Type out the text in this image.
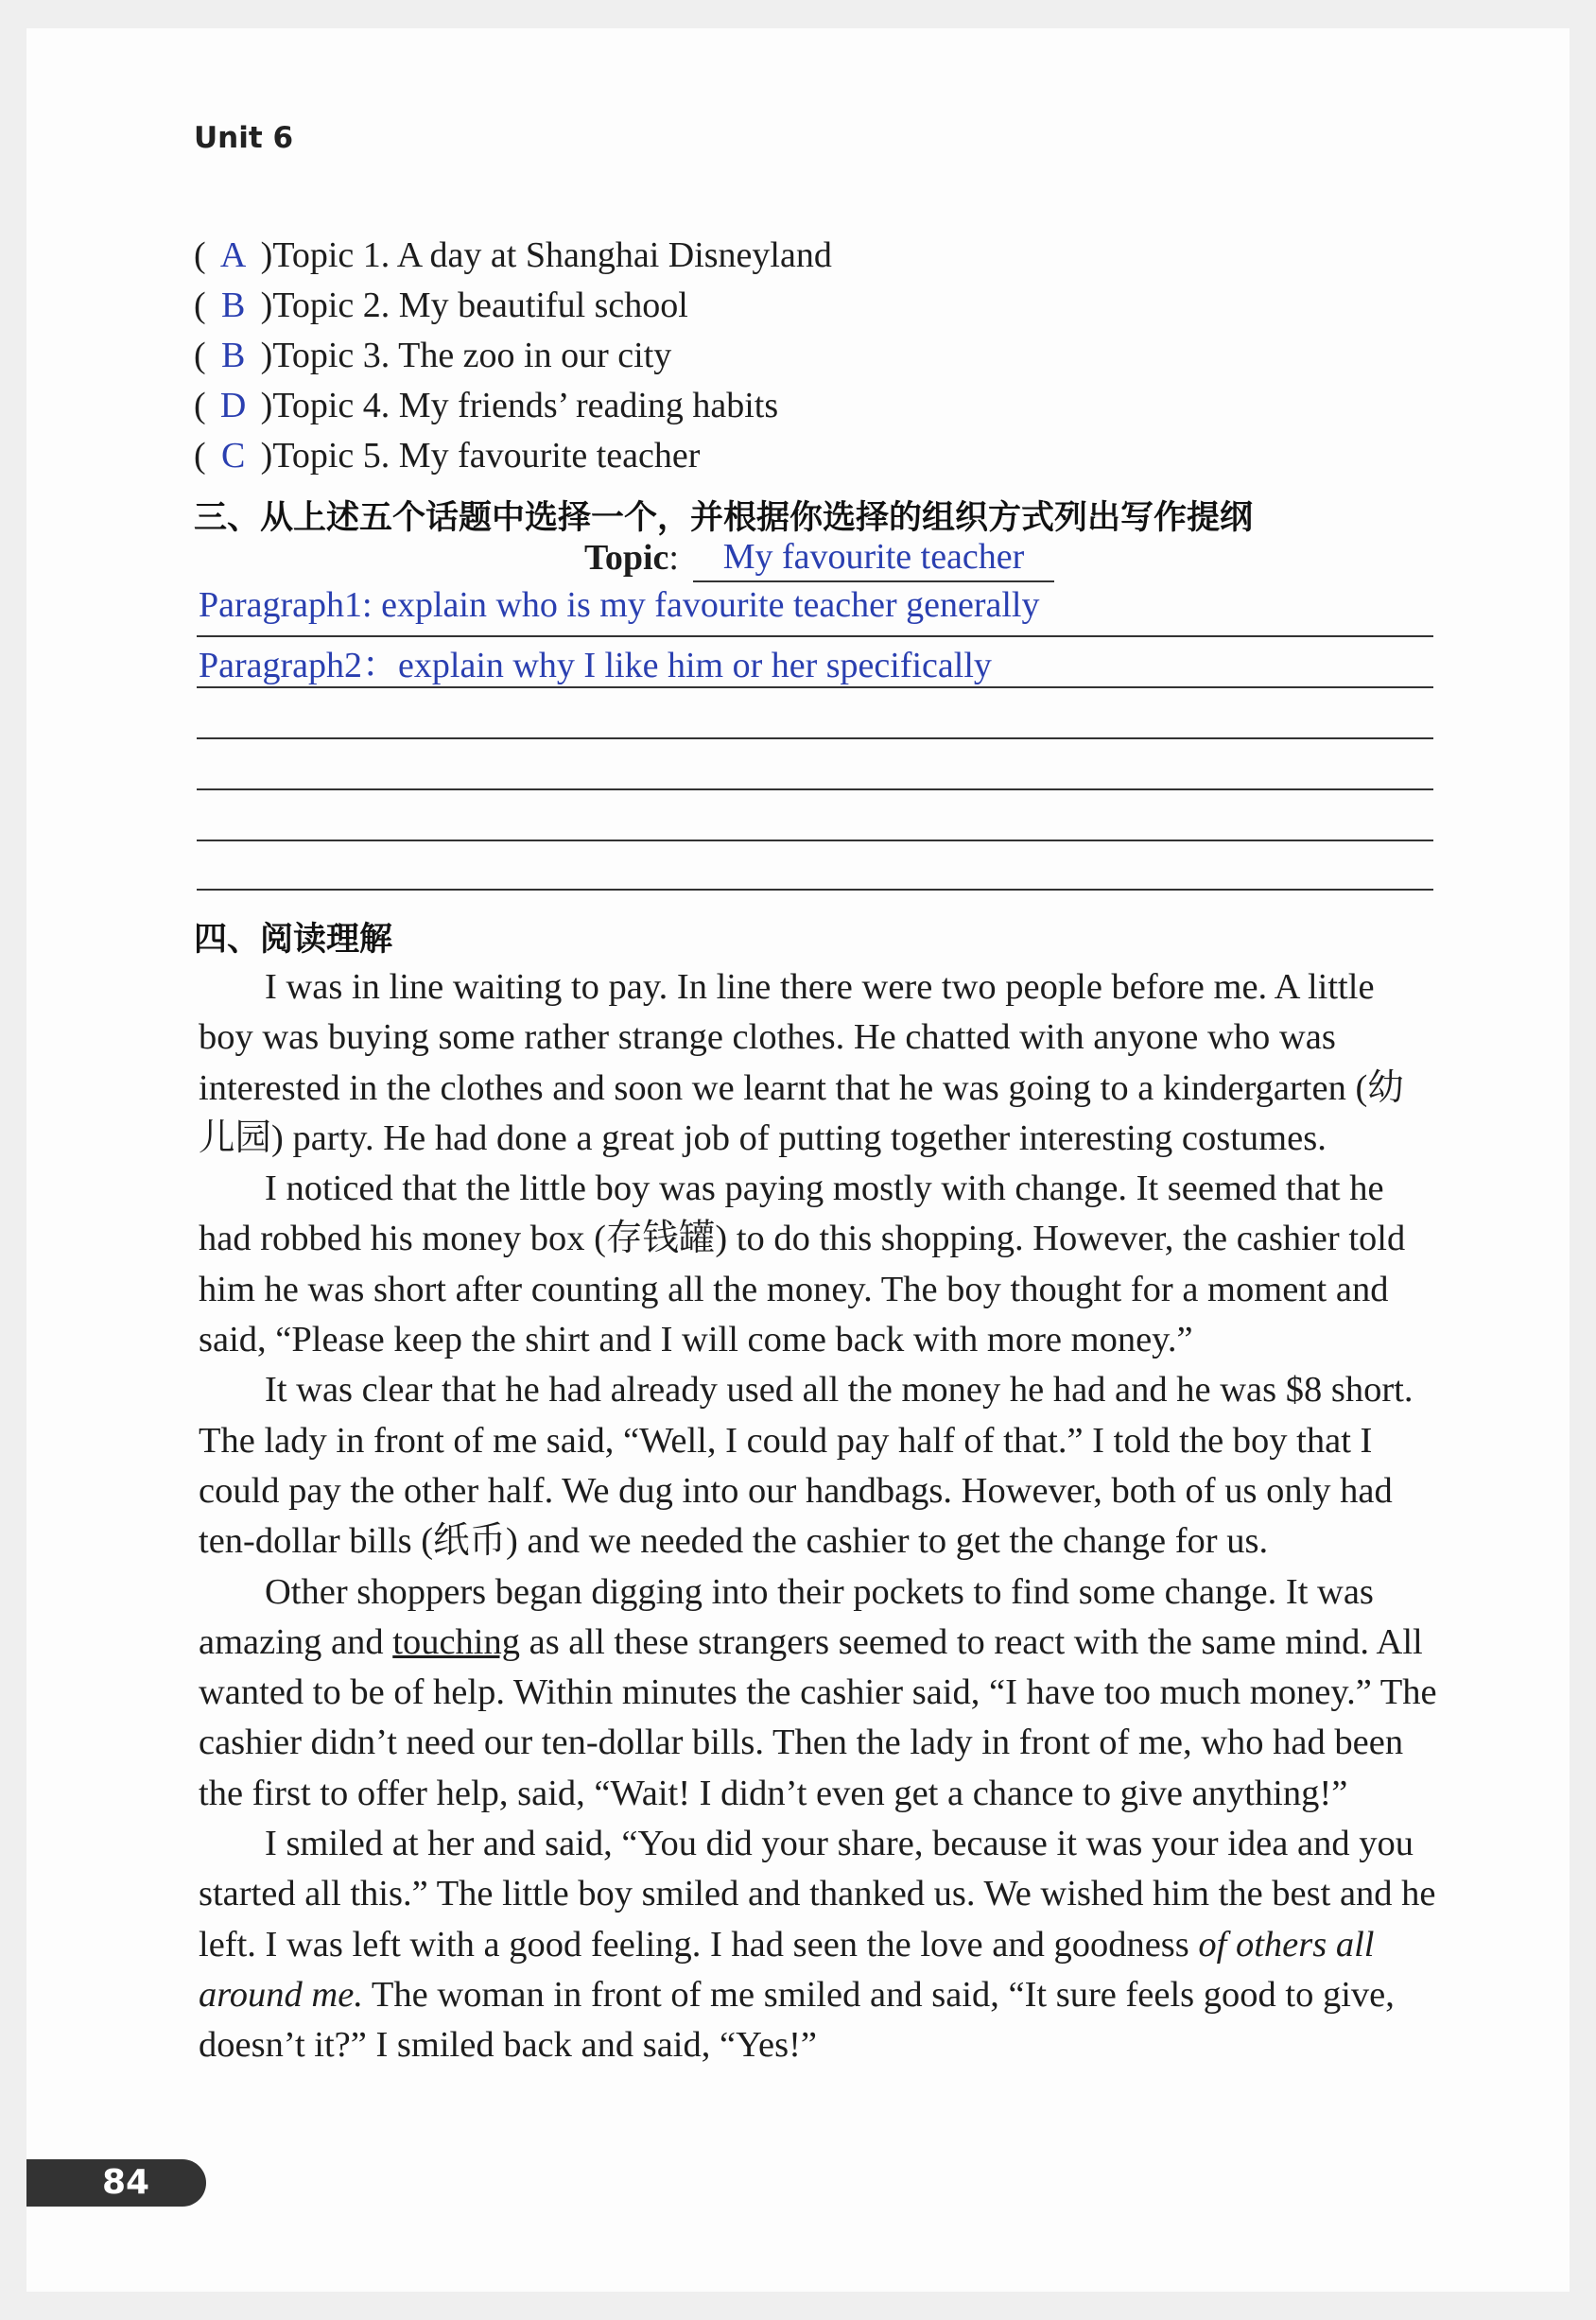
Unit 6
( A )Topic 1. A day at Shanghai Disneyland
( B )Topic 2. My beautiful school
( B )Topic 3. The zoo in our city
( D )Topic 4. My friends’ reading habits
( C )Topic 5. My favourite teacher
三、从上述五个话题中选择一个，并根据你选择的组织方式列出写作提纲
Topic:	My favourite teacher
Paragraph1: explain who is my favourite teacher generally
Paragraph2：explain why I like him or her specifically
四、阅读理解

I was in line waiting to pay. In line there were two people before me. A little boy was buying some rather strange clothes. He chatted with anyone who was interested in the clothes and soon we learnt that he was going to a kindergarten (幼儿园) party. He had done a great job of putting together interesting costumes.

I noticed that the little boy was paying mostly with change. It seemed that he had robbed his money box (存钱罐) to do this shopping. However, the cashier told him he was short after counting all the money. The boy thought for a moment and said, “Please keep the shirt and I will come back with more money.”

It was clear that he had already used all the money he had and he was $8 short. The lady in front of me said, “Well, I could pay half of that.” I told the boy that I could pay the other half. We dug into our handbags. However, both of us only had ten-dollar bills (纸币) and we needed the cashier to get the change for us.

Other shoppers began digging into their pockets to find some change. It was amazing and touching as all these strangers seemed to react with the same mind. All wanted to be of help. Within minutes the cashier said, “I have too much money.” The cashier didn’t need our ten-dollar bills. Then the lady in front of me, who had been the first to offer help, said, “Wait! I didn’t even get a chance to give anything!”

I smiled at her and said, “You did your share, because it was your idea and you started all this.” The little boy smiled and thanked us. We wished him the best and he left. I was left with a good feeling. I had seen the love and goodness of others all around me. The woman in front of me smiled and said, “It sure feels good to give, doesn’t it?” I smiled back and said, “Yes!”

84
